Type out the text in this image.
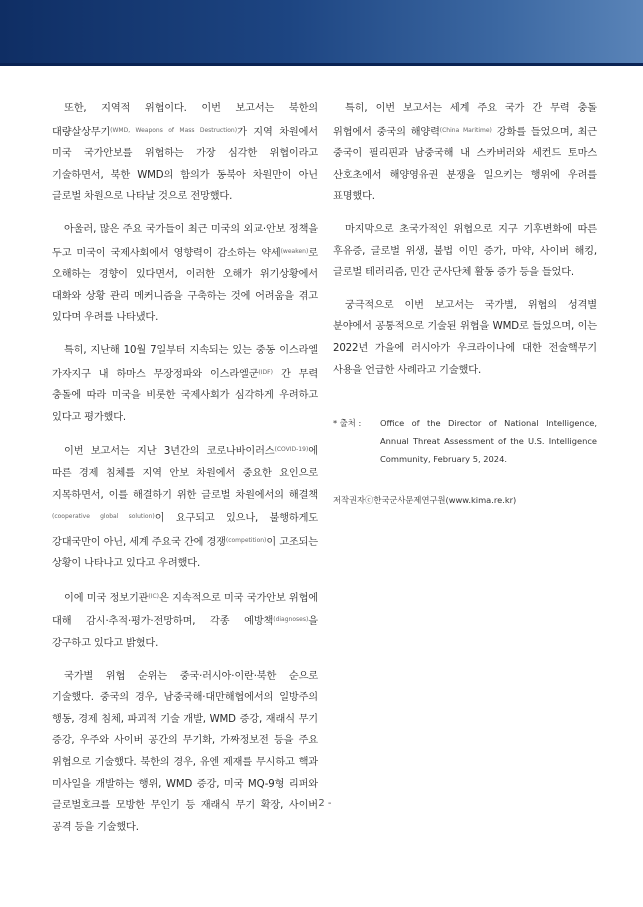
또한, 지역적 위협이다. 이번 보고서는 북한의 대량살상무기$^{(WMD, Weapons of Mass Destruction)}$가 지역 차원에서 미국 국가안보를 위협하는 가장 심각한 위협이라고 기술하면서, 북한 WMD의 함의가 동북아 차원만이 아닌 글로벌 차원으로 나타날 것으로 전망했다.

아울러, 많은 주요 국가들이 최근 미국의 외교·안보 정책을 두고 미국이 국제사회에서 영향력이 감소하는 약세$^{(weaken)}$로 오해하는 경향이 있다면서, 이러한 오해가 위기상황에서 대화와 상황 관리 메커니즘을 구축하는 것에 어려움을 겪고 있다며 우려를 나타냈다.

특히, 지난해 10월 7일부터 지속되는 있는 중동 이스라엘 가자지구 내 하마스 무장정파와 이스라엘군$^{(IDF)}$ 간 무력 충돌에 따라 미국을 비롯한 국제사회가 심각하게 우려하고 있다고 평가했다.

이번 보고서는 지난 3년간의 코로나바이러스$^{(COVID-19)}$에 따른 경제 침체를 지역 안보 차원에서 중요한 요인으로 지목하면서, 이를 해결하기 위한 글로벌 차원에서의 해결책$^{(cooperative global solution)}$이 요구되고 있으나, 불행하게도 강대국만이 아닌, 세계 주요국 간에 경쟁$^{(competition)}$이 고조되는 상황이 나타나고 있다고 우려했다.

이에 미국 정보기관$^{(IC)}$은 지속적으로 미국 국가안보 위협에 대해 감시·추적·평가·전망하며, 각종 예방책$^{(diagnoses)}$을 강구하고 있다고 밝혔다.

국가별 위협 순위는 중국·러시아·이란·북한 순으로 기술했다. 중국의 경우, 남중국해·대만해협에서의 일방주의 행동, 경제 침체, 파괴적 기술 개발, WMD 증강, 재래식 무기 증강, 우주와 사이버 공간의 무기화, 가짜정보전 등을 주요 위협으로 기술했다. 북한의 경우, 유엔 제재를 무시하고 핵과 미사일을 개발하는 행위, WMD 증강, 미국 MQ-9형 리퍼와 글로벌호크를 모방한 무인기 등 재래식 무기 확장, 사이버 공격 등을 기술했다.

특히, 이번 보고서는 세계 주요 국가 간 무력 충돌 위협에서 중국의 해양력$^{(China Maritime)}$ 강화를 들었으며, 최근 중국이 필리핀과 남중국해 내 스카버러와 세컨드 토마스 산호초에서 해양영유권 분쟁을 일으키는 행위에 우려를 표명했다.

마지막으로 초국가적인 위협으로 지구 기후변화에 따른 후유증, 글로벌 위생, 불법 이민 증가, 마약, 사이버 해킹, 글로벌 테러리즘, 민간 군사단체 활동 증가 등을 들었다.

궁극적으로 이번 보고서는 국가별, 위협의 성격별 분야에서 공통적으로 기술된 위협을 WMD로 들었으며, 이는 2022년 가을에 러시아가 우크라이나에 대한 전술핵무기 사용을 언급한 사례라고 기술했다.

* 출처 :	Office of the Director of National Intelligence, Annual Threat Assessment of the U.S. Intelligence Community, February 5, 2024.
저작권자ⓒ한국군사문제연구원(www.kima.re.kr)
- 2 -
